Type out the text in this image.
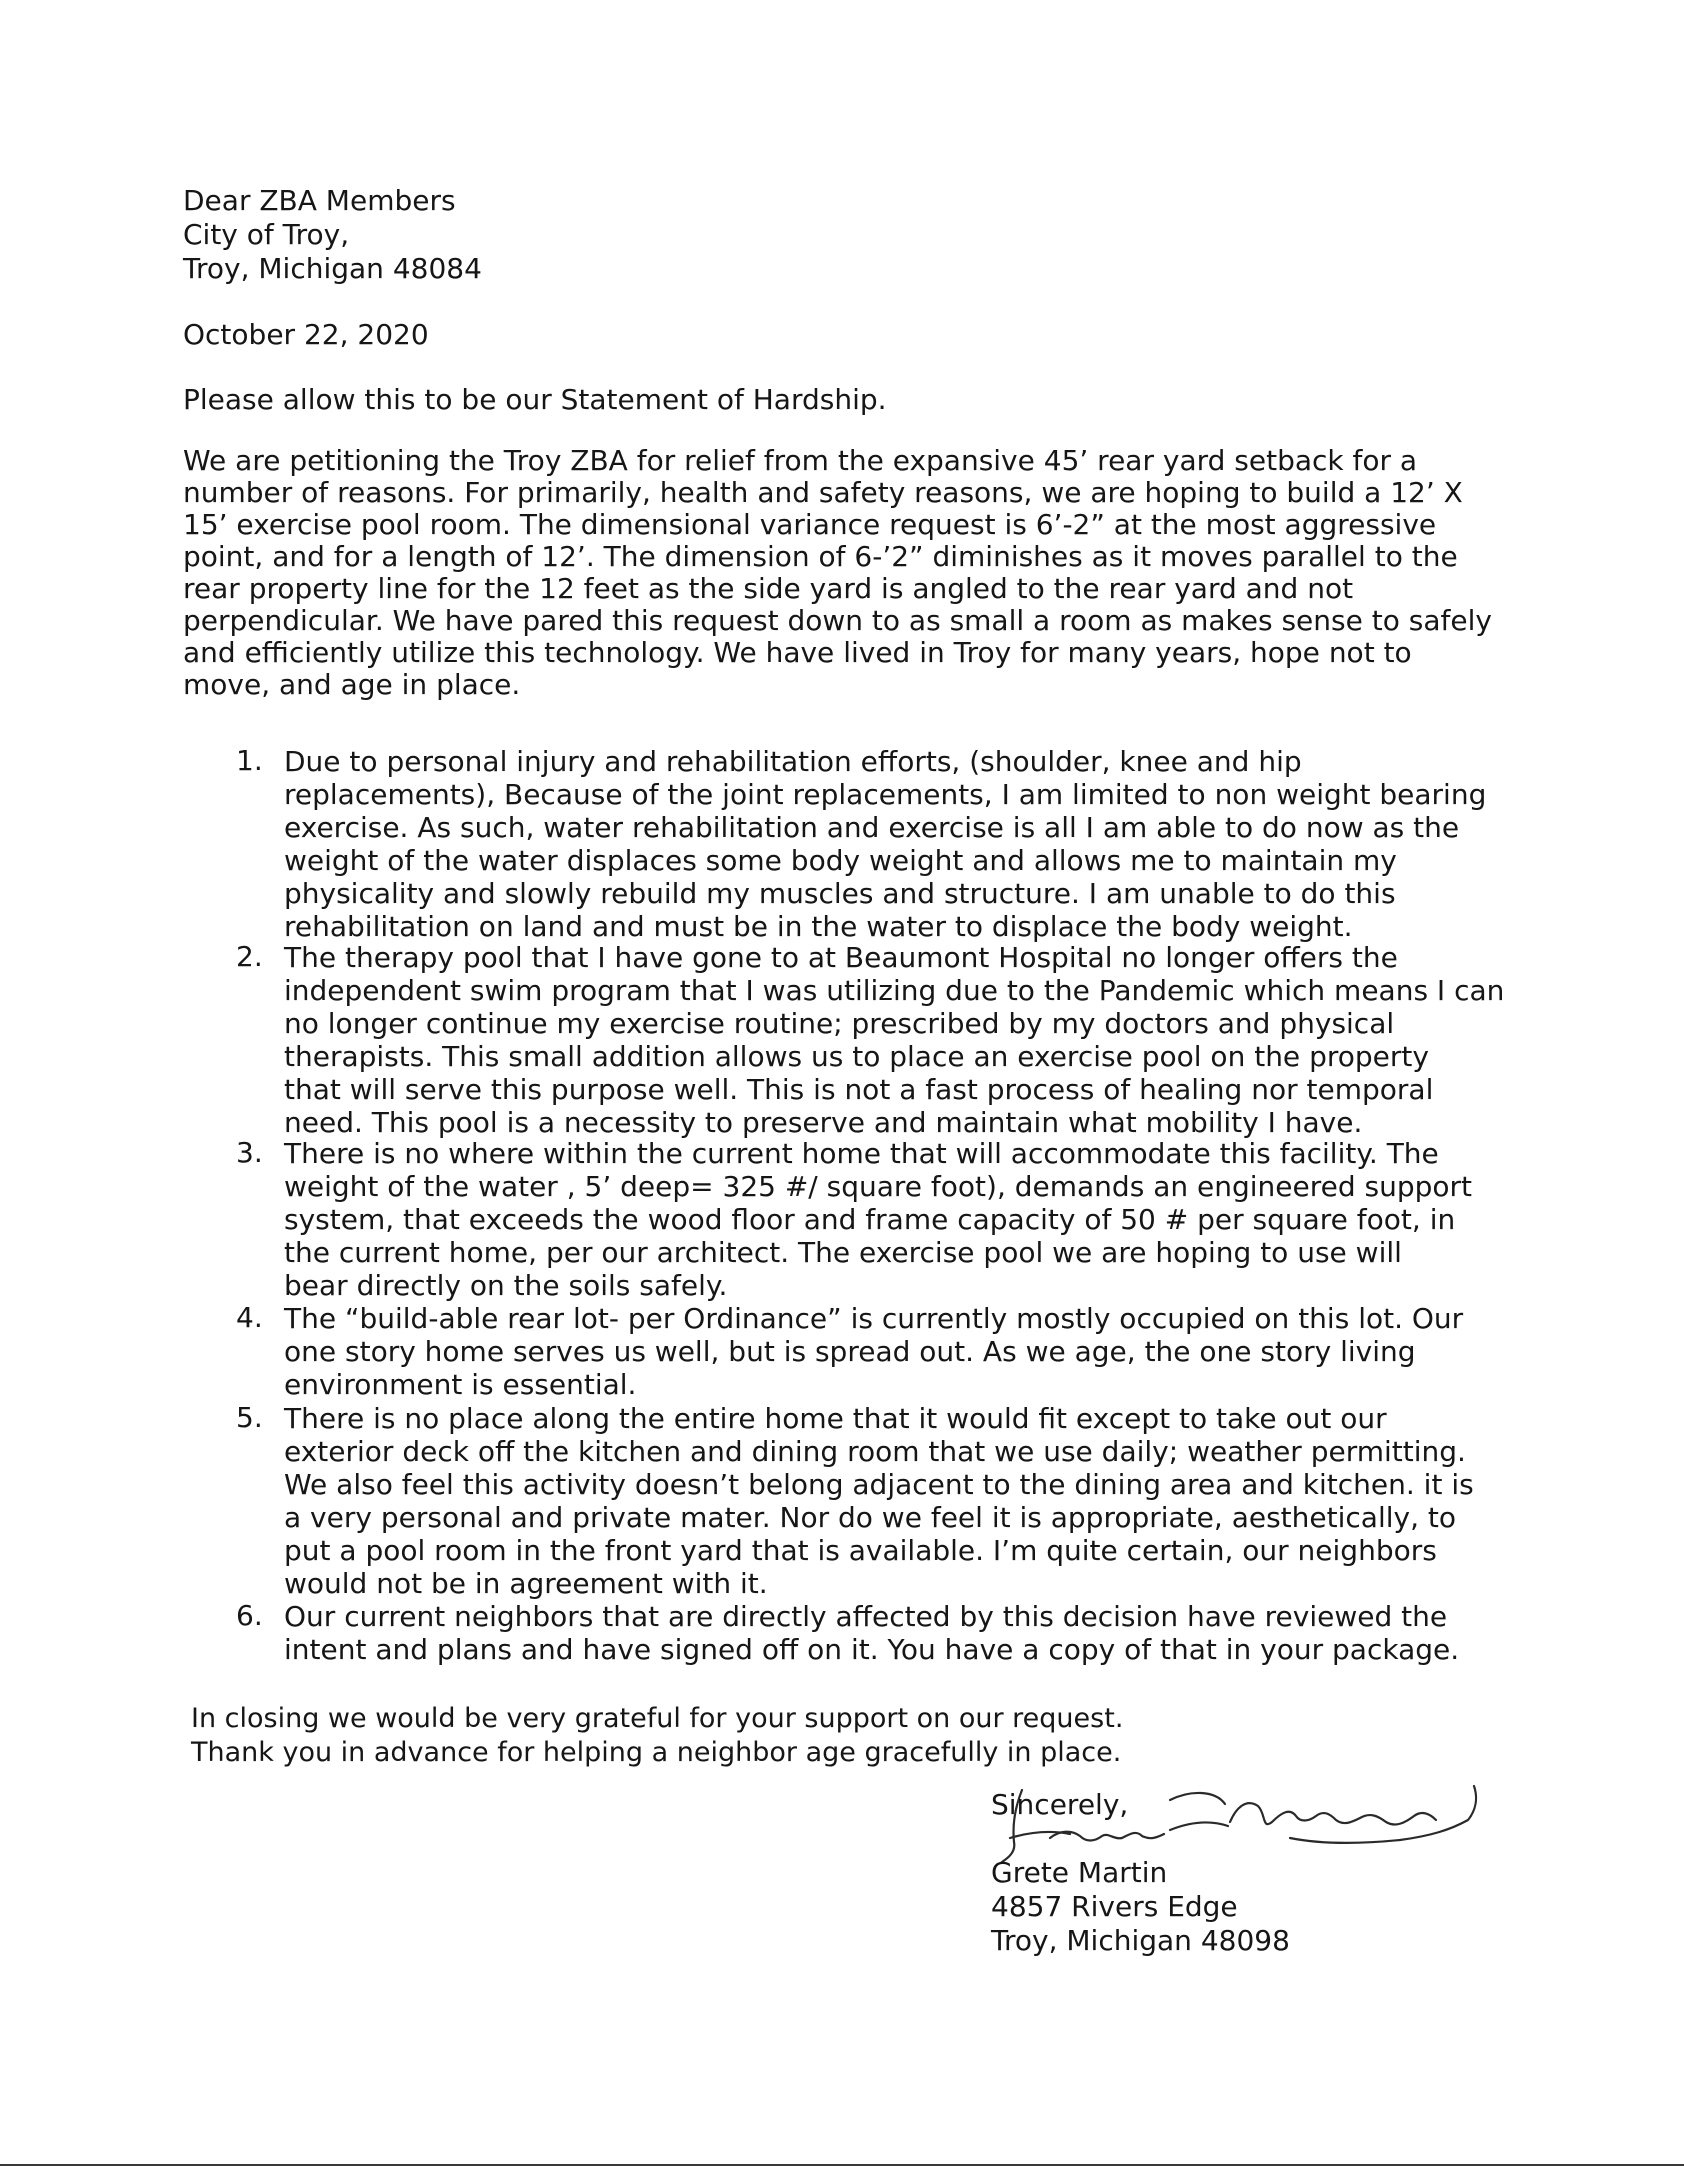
Dear ZBA Members
City of Troy,
Troy, Michigan 48084
October 22, 2020
Please allow this to be our Statement of Hardship.
We are petitioning the Troy ZBA for relief from the expansive 45’ rear yard setback for a
number of reasons. For primarily, health and safety reasons, we are hoping to build a 12’ X
15’ exercise pool room. The dimensional variance request is 6’-2” at the most aggressive
point, and for a length of 12’. The dimension of 6-’2” diminishes as it moves parallel to the
rear property line for the 12 feet as the side yard is angled to the rear yard and not
perpendicular. We have pared this request down to as small a room as makes sense to safely
and efficiently utilize this technology. We have lived in Troy for many years, hope not to
move, and age in place.
1. Due to personal injury and rehabilitation efforts, (shoulder, knee and hip
replacements), Because of the joint replacements, I am limited to non weight bearing
exercise. As such, water rehabilitation and exercise is all I am able to do now as the
weight of the water displaces some body weight and allows me to maintain my
physicality and slowly rebuild my muscles and structure. I am unable to do this
rehabilitation on land and must be in the water to displace the body weight.
2. The therapy pool that I have gone to at Beaumont Hospital no longer offers the
independent swim program that I was utilizing due to the Pandemic which means I can
no longer continue my exercise routine; prescribed by my doctors and physical
therapists. This small addition allows us to place an exercise pool on the property
that will serve this purpose well. This is not a fast process of healing nor temporal
need. This pool is a necessity to preserve and maintain what mobility I have.
3. There is no where within the current home that will accommodate this facility. The
weight of the water , 5’ deep= 325 #/ square foot), demands an engineered support
system, that exceeds the wood floor and frame capacity of 50 # per square foot, in
the current home, per our architect. The exercise pool we are hoping to use will
bear directly on the soils safely.
4. The “build-able rear lot- per Ordinance” is currently mostly occupied on this lot. Our
one story home serves us well, but is spread out. As we age, the one story living
environment is essential.
5. There is no place along the entire home that it would fit except to take out our
exterior deck off the kitchen and dining room that we use daily; weather permitting.
We also feel this activity doesn’t belong adjacent to the dining area and kitchen. it is
a very personal and private mater. Nor do we feel it is appropriate, aesthetically, to
put a pool room in the front yard that is available. I’m quite certain, our neighbors
would not be in agreement with it.
6. Our current neighbors that are directly affected by this decision have reviewed the
intent and plans and have signed off on it. You have a copy of that in your package.
In closing we would be very grateful for your support on our request.
Thank you in advance for helping a neighbor age gracefully in place.
Sincerely,
Grete Martin
4857 Rivers Edge
Troy, Michigan 48098
